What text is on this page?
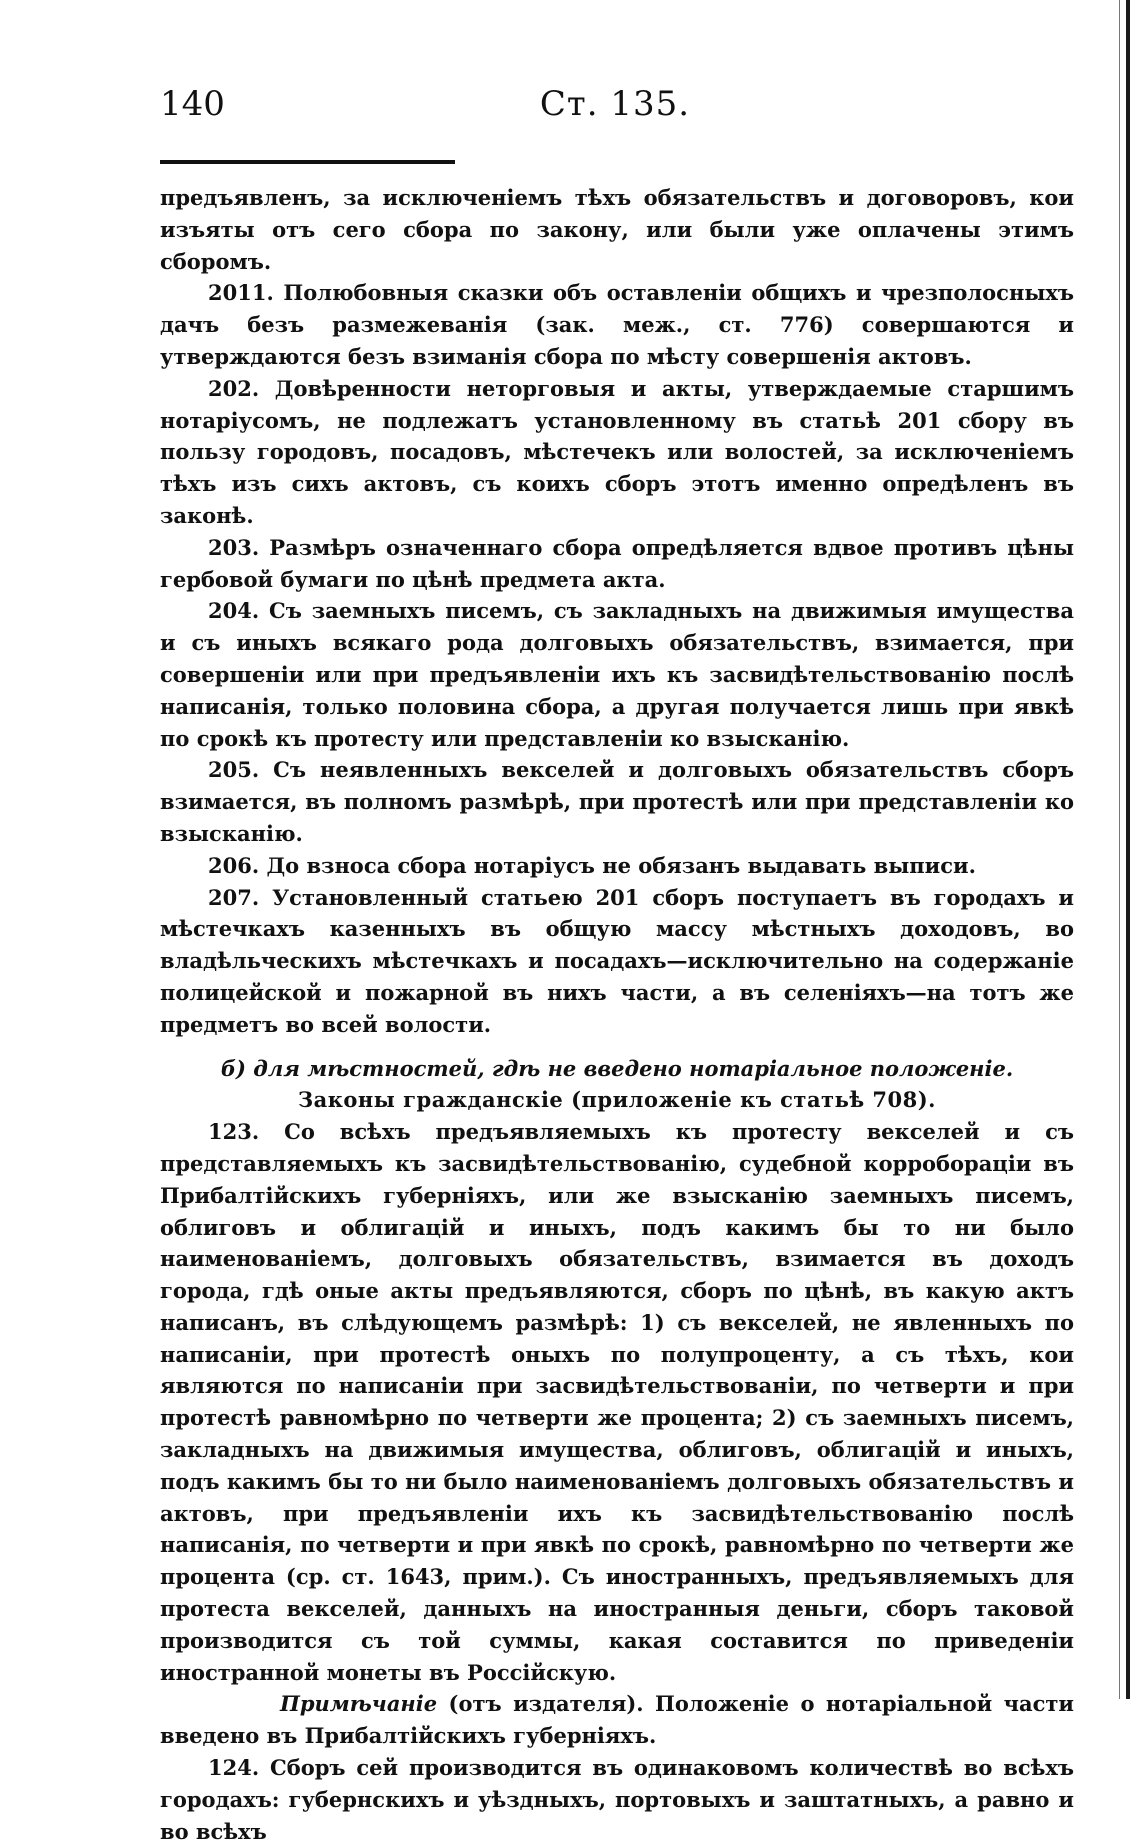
140	Ст. 135.

предъявленъ, за исключеніемъ тѣхъ обязательствъ и договоровъ, кои изъяты отъ сего сбора по закону, или были уже оплачены этимъ сборомъ.

2011. Полюбовныя сказки объ оставленіи общихъ и чрезполосныхъ дачъ безъ размежеванія (зак. меж., ст. 776) совершаются и утверждаются безъ взиманія сбора по мѣсту совершенія актовъ.

202. Довѣренности неторговыя и акты, утверждаемые старшимъ нотаріусомъ, не подлежатъ установленному въ статьѣ 201 сбору въ пользу городовъ, посадовъ, мѣстечекъ или волостей, за исключеніемъ тѣхъ изъ сихъ актовъ, съ коихъ сборъ этотъ именно опредѣленъ въ законѣ.

203. Размѣръ означеннаго сбора опредѣляется вдвое противъ цѣны гербовой бумаги по цѣнѣ предмета акта.

204. Съ заемныхъ писемъ, съ закладныхъ на движимыя имущества и съ иныхъ всякаго рода долговыхъ обязательствъ, взимается, при совершеніи или при предъявленіи ихъ къ засвидѣтельствованію послѣ написанія, только половина сбора, а другая получается лишь при явкѣ по срокѣ къ протесту или представленіи ко взысканію.

205. Съ неявленныхъ векселей и долговыхъ обязательствъ сборъ взимается, въ полномъ размѣрѣ, при протестѣ или при представленіи ко взысканію.

206. До взноса сбора нотаріусъ не обязанъ выдавать выписи.

207. Установленный статьею 201 сборъ поступаетъ въ городахъ и мѣстечкахъ казенныхъ въ общую массу мѣстныхъ доходовъ, во владѣльческихъ мѣстечкахъ и посадахъ—исключительно на содержаніе полицейской и пожарной въ нихъ части, а въ селеніяхъ—на тотъ же предметъ во всей волости.

б) для мѣстностей, гдѣ не введено нотаріальное положеніе.

Законы гражданскіе (приложеніе къ статьѣ 708).

123. Со всѣхъ предъявляемыхъ къ протесту векселей и съ представляемыхъ къ засвидѣтельствованію, судебной корроборацiи въ Прибалтійскихъ губерніяхъ, или же взысканію заемныхъ писемъ, облиговъ и облигацій и иныхъ, подъ какимъ бы то ни было наименованіемъ, долговыхъ обязательствъ, взимается въ доходъ города, гдѣ оные акты предъявляются, сборъ по цѣнѣ, въ какую актъ написанъ, въ слѣдующемъ размѣрѣ: 1) съ векселей, не явленныхъ по написаніи, при протестѣ оныхъ по полупроценту, а съ тѣхъ, кои являются по написаніи при засвидѣтельствованіи, по четверти и при протестѣ равномѣрно по четверти же процента; 2) съ заемныхъ писемъ, закладныхъ на движимыя имущества, облиговъ, облигацій и иныхъ, подъ какимъ бы то ни было наименованіемъ долговыхъ обязательствъ и актовъ, при предъявленіи ихъ къ засвидѣтельствованію послѣ написанія, по четверти и при явкѣ по срокѣ, равномѣрно по четверти же процента (ср. ст. 1643, прим.). Съ иностранныхъ, предъявляемыхъ для протеста векселей, данныхъ на иностранныя деньги, сборъ таковой производится съ той суммы, какая составится по приведеніи иностранной монеты въ Россійскую.

Примѣчаніе (отъ издателя). Положеніе о нотаріальной части введено въ Прибалтійскихъ губерніяхъ.

124. Сборъ сей производится въ одинаковомъ количествѣ во всѣхъ городахъ: губернскихъ и уѣздныхъ, портовыхъ и заштатныхъ, а равно и во всѣхъ
